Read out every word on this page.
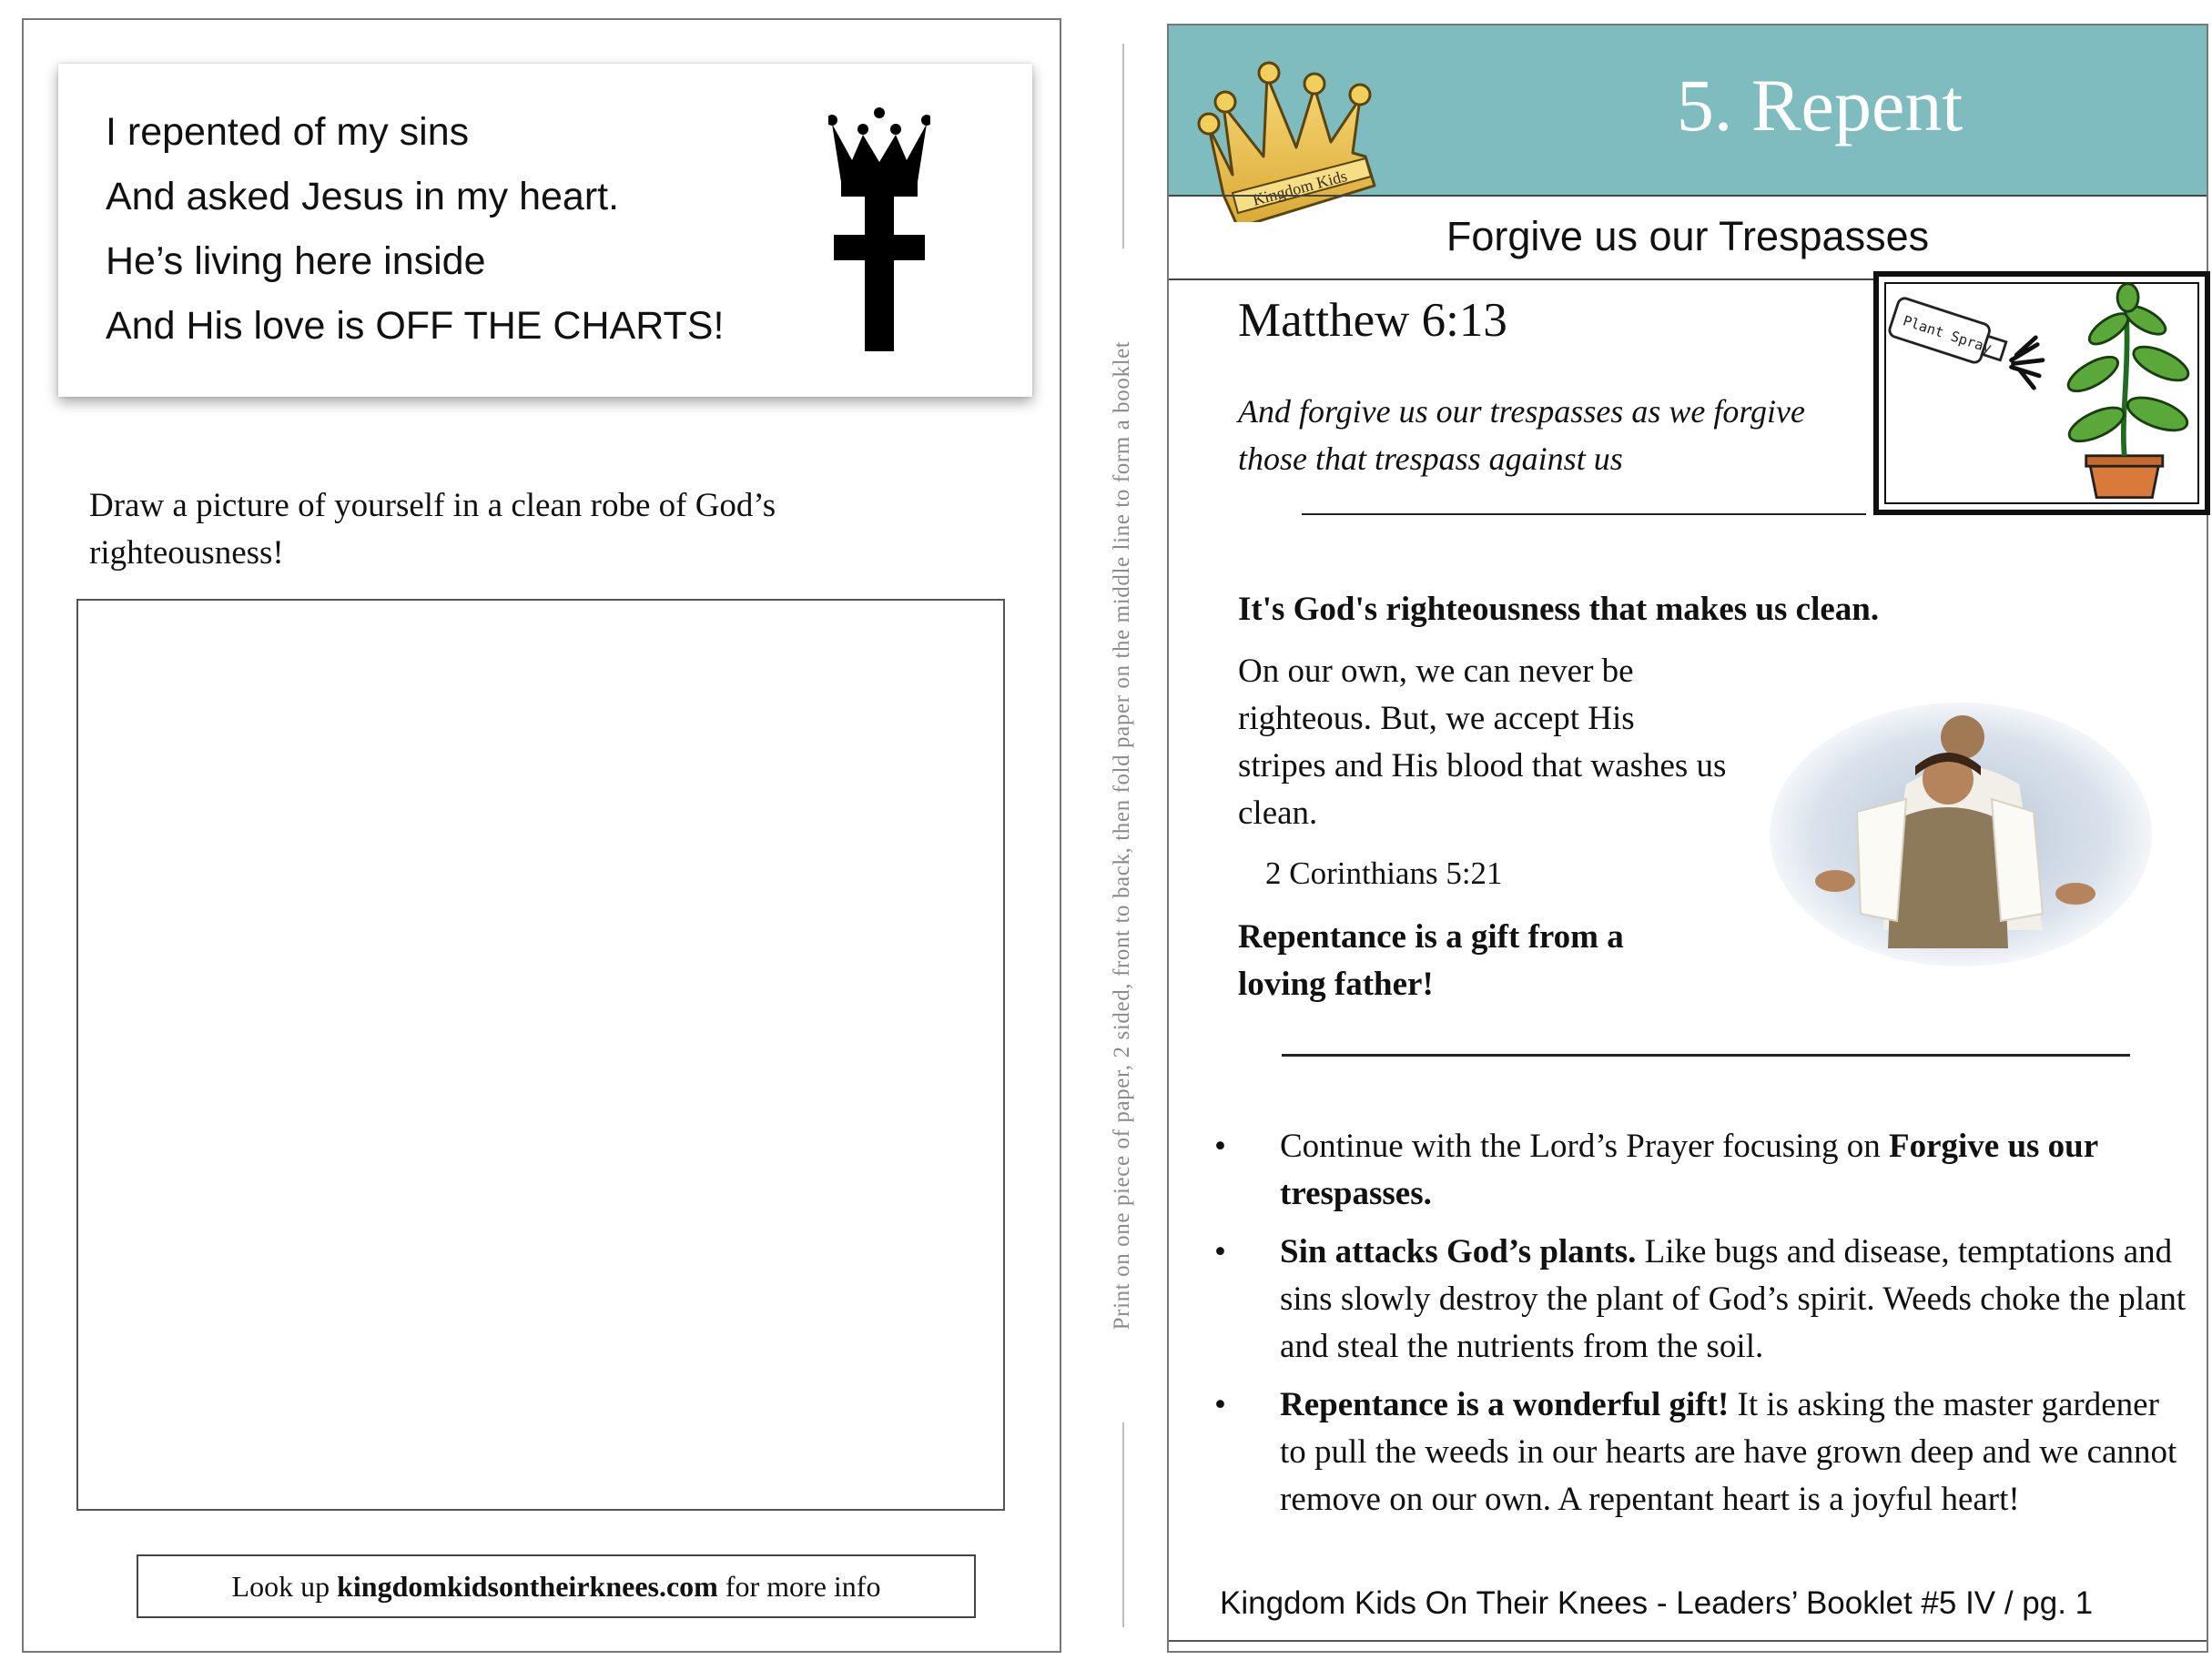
I repented of my sins
And asked Jesus in my heart.
He’s living here inside
And His love is OFF THE CHARTS!

Draw a picture of yourself in a clean robe of God’s righteousness!

Look up kingdomkidsontheirknees.com for more info
Print on one piece of paper, 2 sided, front to back, then fold paper on the middle line to form a booklet
5. Repent
Kingdom Kids
Forgive us our Trespasses
Matthew 6:13

And forgive us our trespasses as we forgive those that trespass against us

Plant Spray

It's God's righteousness that makes us clean.

On our own, we can never be righteous. But, we accept His stripes and His blood that washes us clean.

2 Corinthians 5:21

Repentance is a gift from a loving father!

•	Continue with the Lord’s Prayer focusing on Forgive us our trespasses.
•	Sin attacks God’s plants. Like bugs and disease, temptations and sins slowly destroy the plant of God’s spirit. Weeds choke the plant and steal the nutrients from the soil.
•	Repentance is a wonderful gift! It is asking the master gardener to pull the weeds in our hearts are have grown deep and we cannot remove on our own. A repentant heart is a joyful heart!

Kingdom Kids On Their Knees - Leaders’ Booklet #5 IV / pg. 1
